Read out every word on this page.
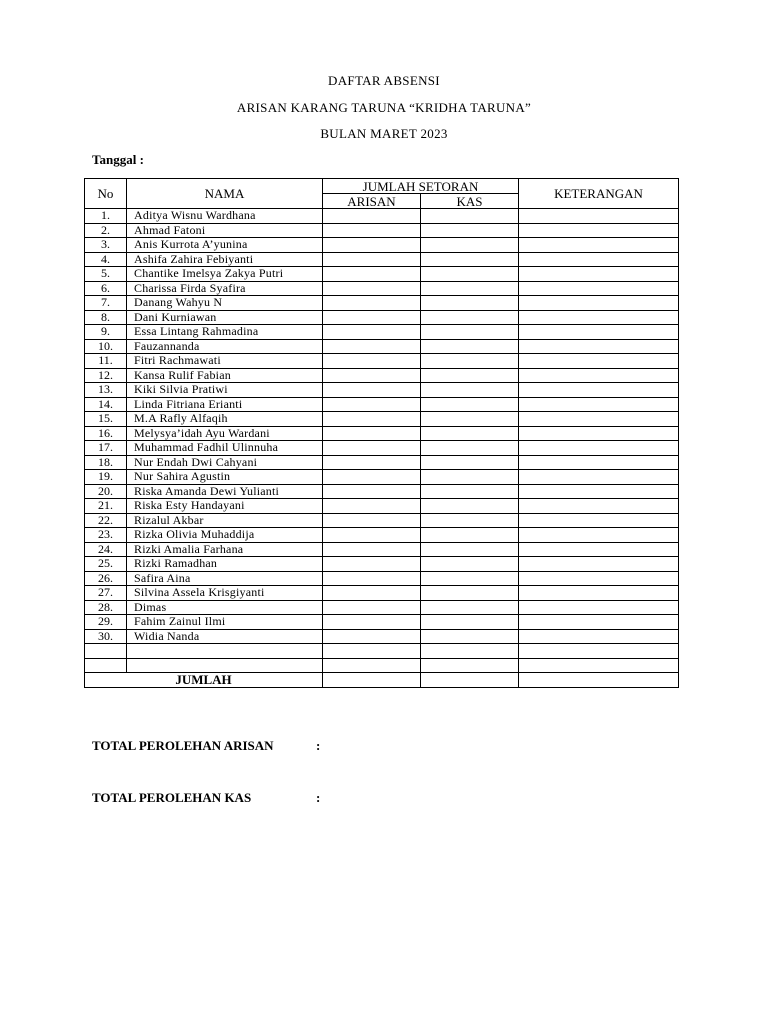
DAFTAR ABSENSI
ARISAN KARANG TARUNA “KRIDHA TARUNA”
BULAN MARET 2023
Tanggal :
No	NAMA	JUMLAH SETORAN		KETERANGAN
		ARISAN	KAS	
1.	Aditya Wisnu Wardhana			
2.	Ahmad Fatoni			
3.	Anis Kurrota A’yunina			
4.	Ashifa Zahira Febiyanti			
5.	Chantike Imelsya Zakya Putri			
6.	Charissa Firda Syafira			
7.	Danang Wahyu N			
8.	Dani Kurniawan			
9.	Essa Lintang Rahmadina			
10.	Fauzannanda			
11.	Fitri Rachmawati			
12.	Kansa Rulif Fabian			
13.	Kiki Silvia Pratiwi			
14.	Linda Fitriana Erianti			
15.	M.A Rafly Alfaqih			
16.	Melysya’idah Ayu Wardani			
17.	Muhammad Fadhil Ulinnuha			
18.	Nur Endah Dwi Cahyani			
19.	Nur Sahira Agustin			
20.	Riska Amanda Dewi Yulianti			
21.	Riska Esty Handayani			
22.	Rizalul Akbar			
23.	Rizka Olivia Muhaddija			
24.	Rizki Amalia Farhana			
25.	Rizki Ramadhan			
26.	Safira Aina			
27.	Silvina Assela Krisgiyanti			
28.	Dimas			
29.	Fahim Zainul Ilmi			
30.	Widia Nanda			

JUMLAH				
TOTAL PEROLEHAN ARISAN	:
TOTAL PEROLEHAN KAS	:
